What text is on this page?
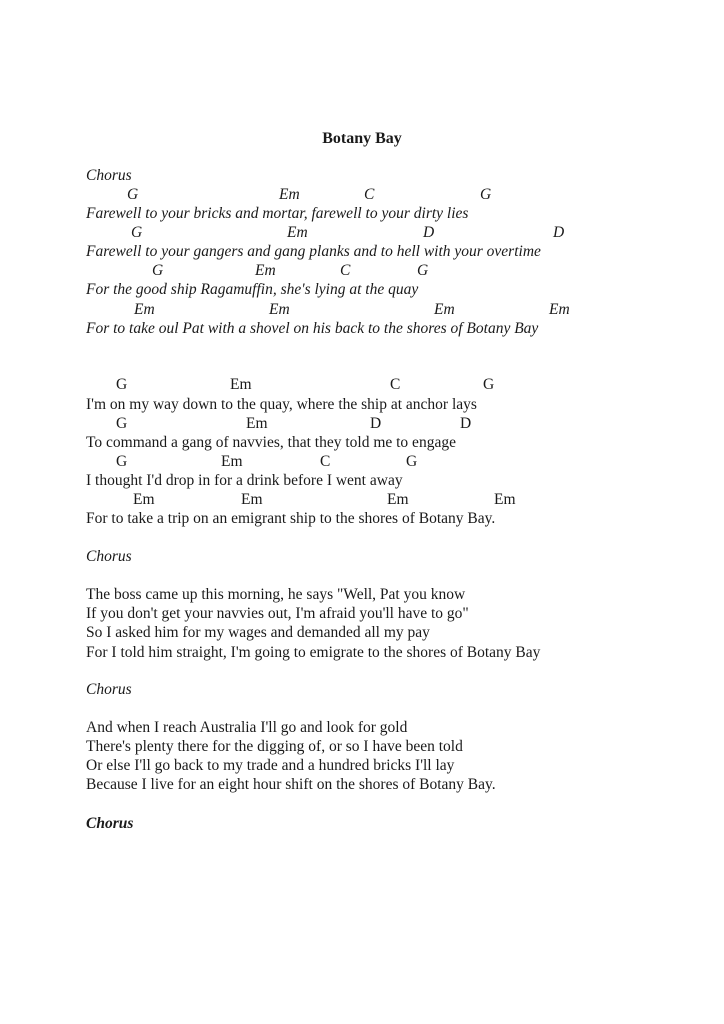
Botany Bay
Chorus
G	Em	C	G
Farewell to your bricks and mortar, farewell to your dirty lies
G	Em	D	D
Farewell to your gangers and gang planks and to hell with your overtime
G	Em	C	G
For the good ship Ragamuffin, she's lying at the quay
Em	Em	Em	Em
For to take oul Pat with a shovel on his back to the shores of Botany Bay
G	Em	C	G
I'm on my way down to the quay, where the ship at anchor lays
G	Em	D	D
To command a gang of navvies, that they told me to engage
G	Em	C	G
I thought I'd drop in for a drink before I went away
Em	Em	Em	Em
For to take a trip on an emigrant ship to the shores of Botany Bay.
Chorus
The boss came up this morning, he says "Well, Pat you know
If you don't get your navvies out, I'm afraid you'll have to go"
So I asked him for my wages and demanded all my pay
For I told him straight, I'm going to emigrate to the shores of Botany Bay
Chorus
And when I reach Australia I'll go and look for gold
There's plenty there for the digging of, or so I have been told
Or else I'll go back to my trade and a hundred bricks I'll lay
Because I live for an eight hour shift on the shores of Botany Bay.
Chorus
